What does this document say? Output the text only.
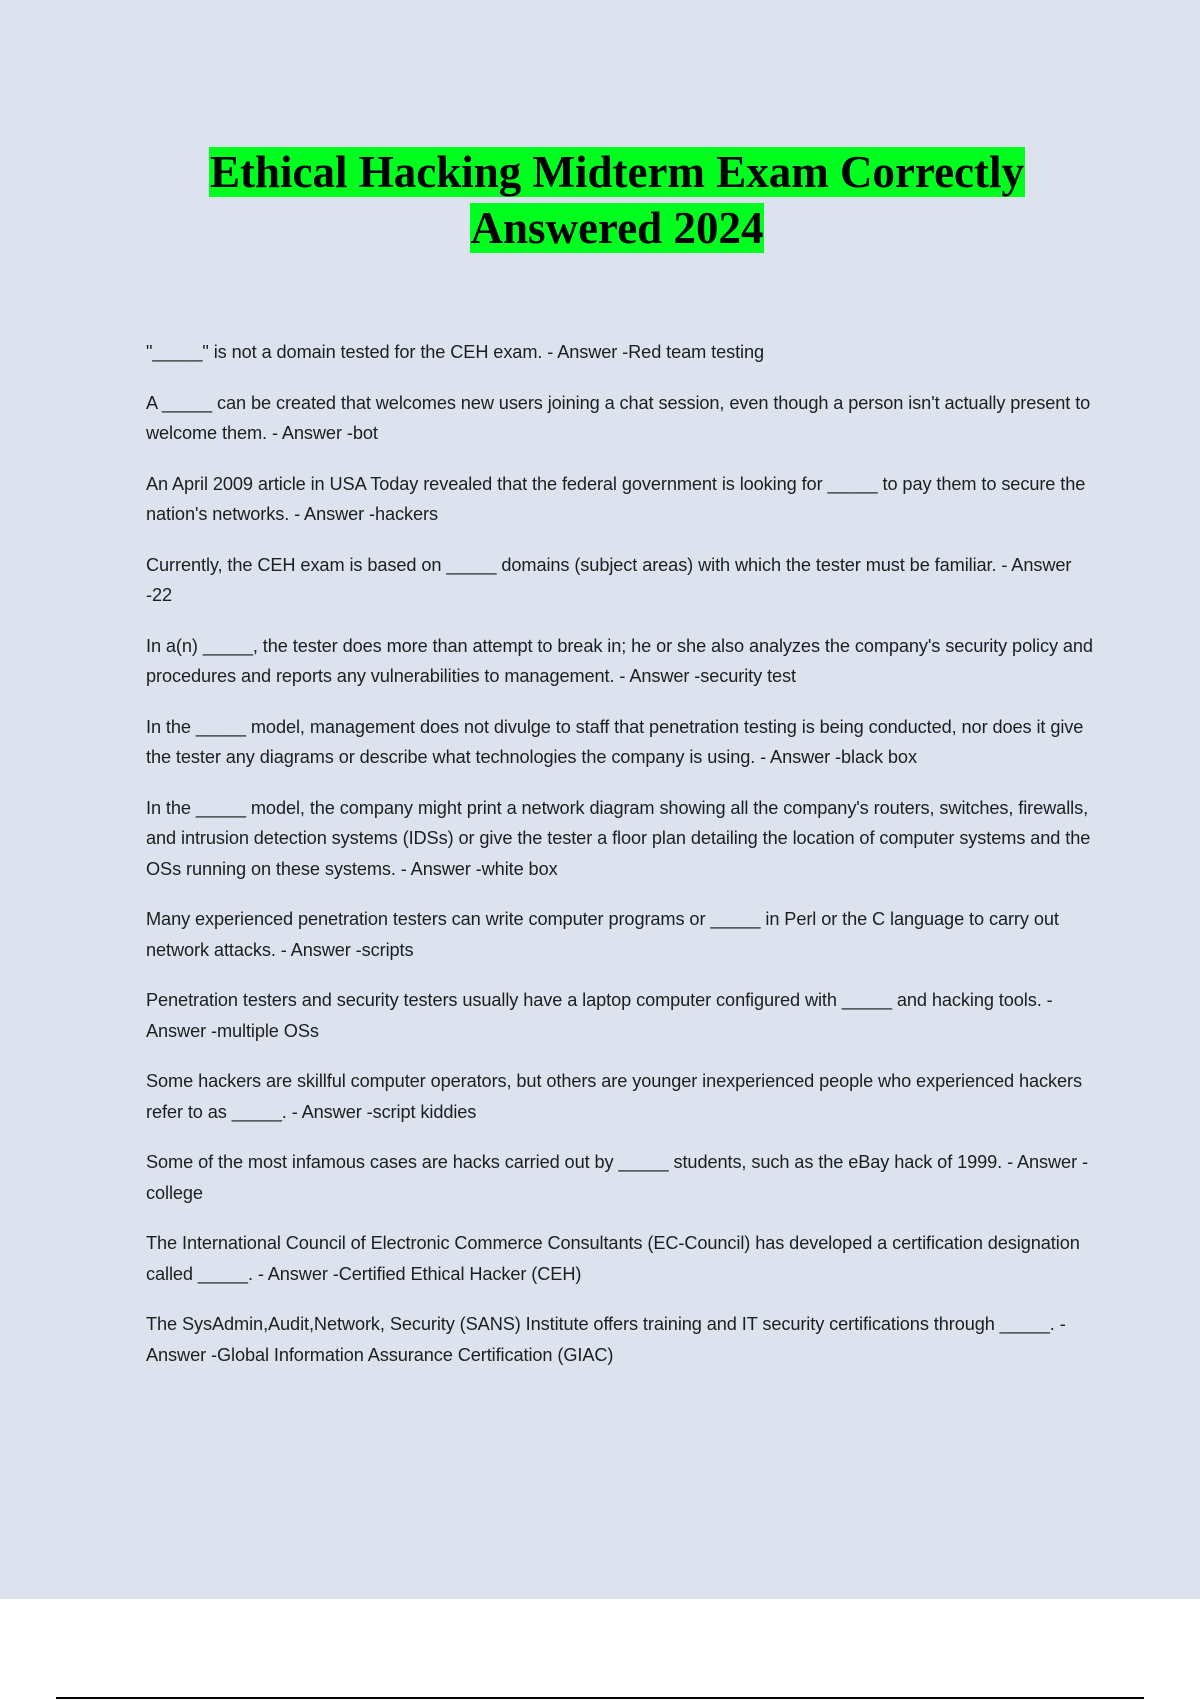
Ethical Hacking Midterm Exam Correctly
Answered 2024

"_____" is not a domain tested for the CEH exam. - Answer -Red team testing

A _____ can be created that welcomes new users joining a chat session, even though a person isn't actually present to welcome them. - Answer -bot

An April 2009 article in USA Today revealed that the federal government is looking for _____ to pay them to secure the nation's networks. - Answer -hackers

Currently, the CEH exam is based on _____ domains (subject areas) with which the tester must be familiar. - Answer -22

In a(n) _____, the tester does more than attempt to break in; he or she also analyzes the company's security policy and procedures and reports any vulnerabilities to management. - Answer -security test

In the _____ model, management does not divulge to staff that penetration testing is being conducted, nor does it give the tester any diagrams or describe what technologies the company is using. - Answer -black box

In the _____ model, the company might print a network diagram showing all the company's routers, switches, firewalls, and intrusion detection systems (IDSs) or give the tester a floor plan detailing the location of computer systems and the OSs running on these systems. - Answer -white box

Many experienced penetration testers can write computer programs or _____ in Perl or the C language to carry out network attacks. - Answer -scripts

Penetration testers and security testers usually have a laptop computer configured with _____ and hacking tools. - Answer -multiple OSs

Some hackers are skillful computer operators, but others are younger inexperienced people who experienced hackers refer to as _____. - Answer -script kiddies

Some of the most infamous cases are hacks carried out by _____ students, such as the eBay hack of 1999. - Answer -college

The International Council of Electronic Commerce Consultants (EC-Council) has developed a certification designation called _____. - Answer -Certified Ethical Hacker (CEH)

The SysAdmin,Audit,Network, Security (SANS) Institute offers training and IT security certifications through _____. - Answer -Global Information Assurance Certification (GIAC)
